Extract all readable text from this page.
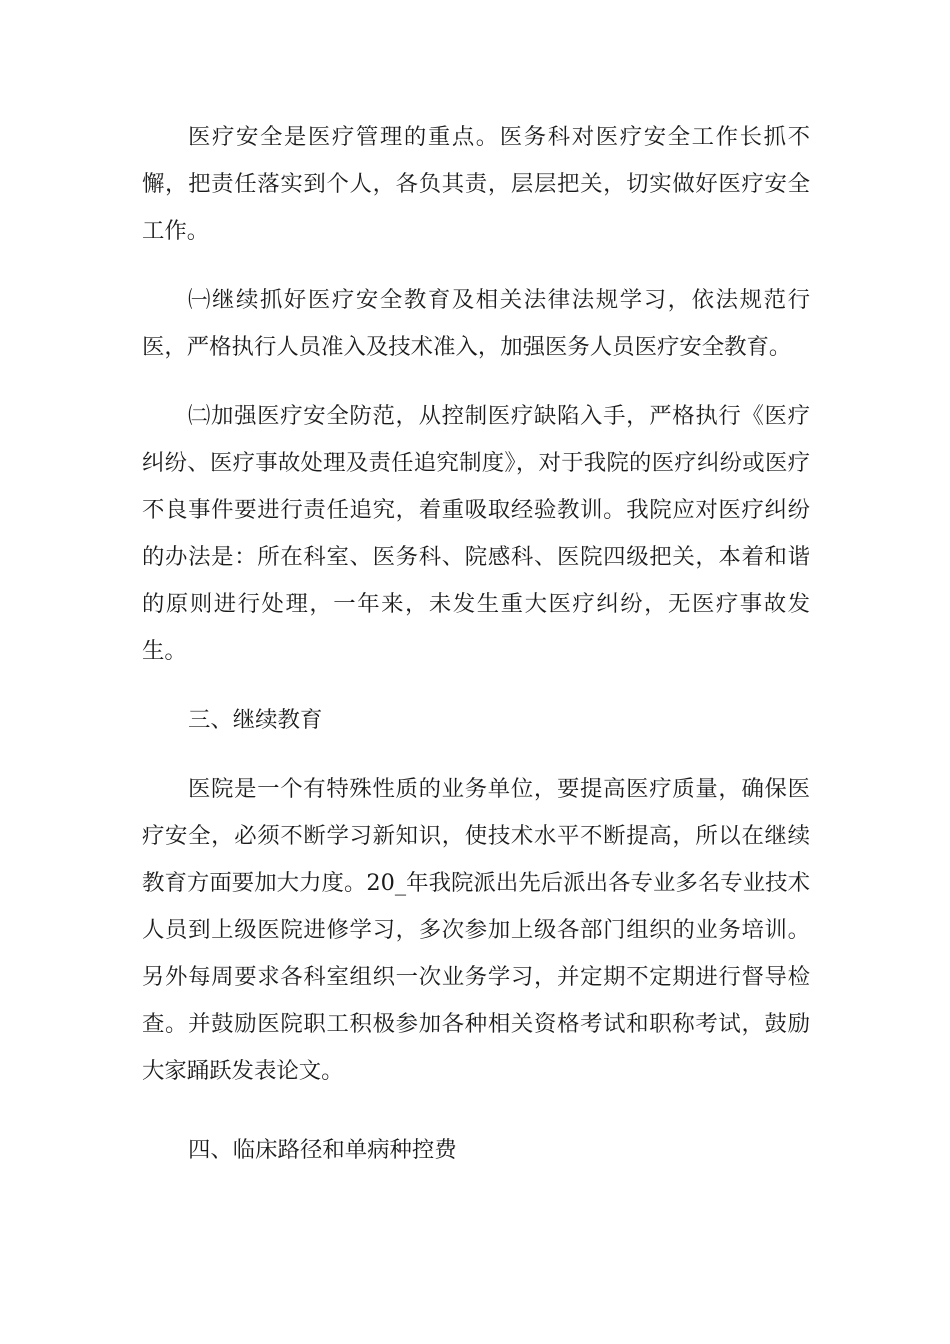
医疗安全是医疗管理的重点。医务科对医疗安全工作长抓不懈，把责任落实到个人，各负其责，层层把关，切实做好医疗安全工作。

㈠继续抓好医疗安全教育及相关法律法规学习，依法规范行医，严格执行人员准入及技术准入，加强医务人员医疗安全教育。

㈡加强医疗安全防范，从控制医疗缺陷入手，严格执行《医疗纠纷、医疗事故处理及责任追究制度》，对于我院的医疗纠纷或医疗不良事件要进行责任追究，着重吸取经验教训。我院应对医疗纠纷的办法是：所在科室、医务科、院感科、医院四级把关，本着和谐的原则进行处理，一年来，未发生重大医疗纠纷，无医疗事故发生。

三、继续教育

医院是一个有特殊性质的业务单位，要提高医疗质量，确保医疗安全，必须不断学习新知识，使技术水平不断提高，所以在继续教育方面要加大力度。20_年我院派出先后派出各专业多名专业技术人员到上级医院进修学习，多次参加上级各部门组织的业务培训。另外每周要求各科室组织一次业务学习，并定期不定期进行督导检查。并鼓励医院职工积极参加各种相关资格考试和职称考试，鼓励大家踊跃发表论文。

四、临床路径和单病种控费
